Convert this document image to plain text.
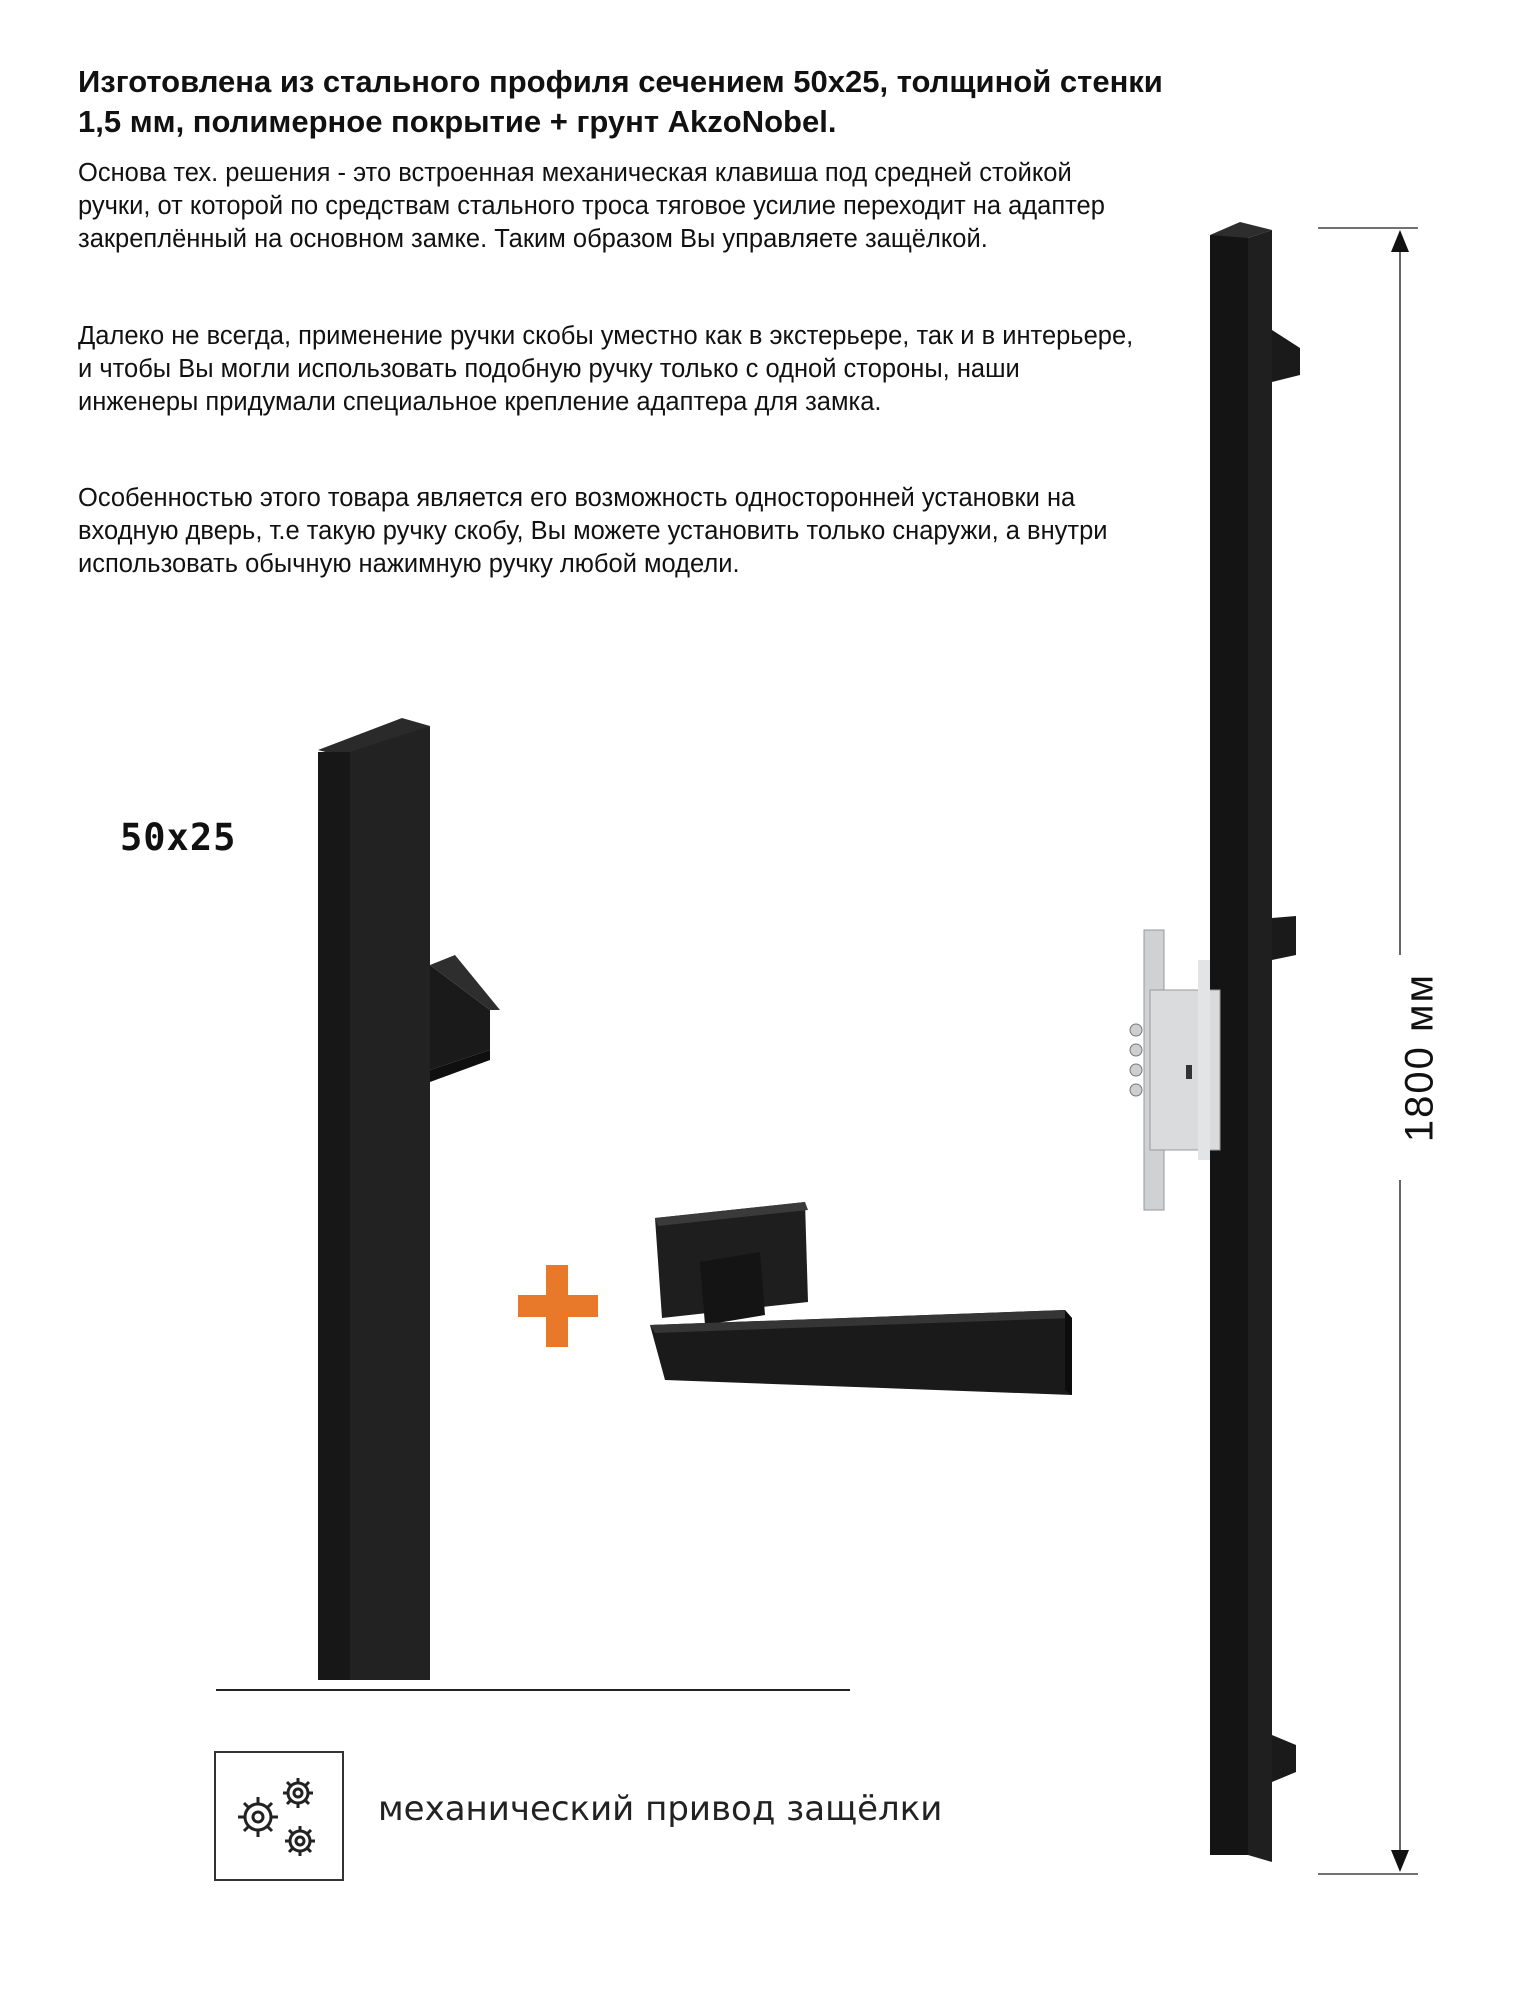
Изготовлена из стального профиля сечением 50х25, толщиной стенки 1,5 мм, полимерное покрытие + грунт AkzoNobel.
Основа тех. решения - это встроенная механическая клавиша под средней стойкой ручки, от которой по средствам стального троса тяговое усилие переходит на адаптер закреплённый на основном замке. Таким образом Вы управляете защёлкой.
Далеко не всегда, применение ручки скобы уместно как в экстерьере, так и в интерьере, и чтобы Вы могли использовать подобную ручку только с одной стороны, наши инженеры придумали специальное крепление адаптера для замка.
Особенностью этого товара является его возможность односторонней установки на входную дверь, т.е такую ручку скобу, Вы можете установить только снаружи, а внутри использовать обычную нажимную ручку любой модели.
50х25
1800 мм
механический привод защёлки
